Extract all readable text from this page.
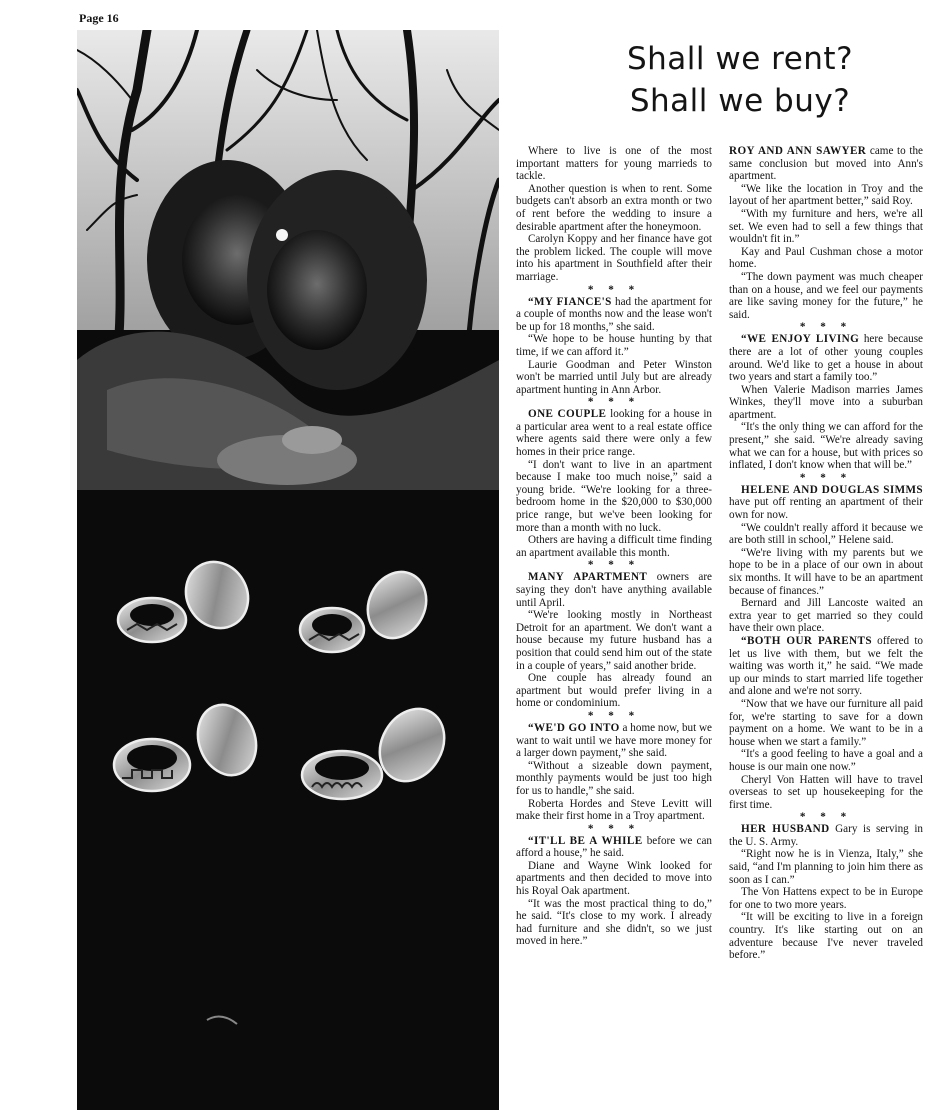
Page 16
Shall we rent?
Shall we buy?

Where to live is one of the most important matters for young marrieds to tackle.

Another question is when to rent. Some budgets can't absorb an extra month or two of rent before the wedding to insure a desirable apartment after the honeymoon.

Carolyn Koppy and her finance have got the problem licked. The couple will move into his apartment in Southfield after their marriage.

* * *

“MY FIANCE'S had the apartment for a couple of months now and the lease won't be up for 18 months,” she said.

“We hope to be house hunting by that time, if we can afford it.”

Laurie Goodman and Peter Winston won't be married until July but are already apartment hunting in Ann Arbor.

* * *

ONE COUPLE looking for a house in a particular area went to a real estate office where agents said there were only a few homes in their price range.

“I don't want to live in an apartment because I make too much noise,” said a young bride. “We're looking for a three-bedroom home in the $20,000 to $30,000 price range, but we've been looking for more than a month with no luck.

Others are having a difficult time finding an apartment available this month.

* * *

MANY APARTMENT owners are saying they don't have anything available until April.

“We're looking mostly in Northeast Detroit for an apartment. We don't want a house because my future husband has a position that could send him out of the state in a couple of years,” said another bride.

One couple has already found an apartment but would prefer living in a home or condominium.

* * *

“WE'D GO INTO a home now, but we want to wait until we have more money for a larger down payment,” she said.

“Without a sizeable down payment, monthly payments would be just too high for us to handle,” she said.

Roberta Hordes and Steve Levitt will make their first home in a Troy apartment.

* * *

“IT'LL BE A WHILE before we can afford a house,” he said.

Diane and Wayne Wink looked for apartments and then decided to move into his Royal Oak apartment.

“It was the most practical thing to do,” he said. “It's close to my work. I already had furniture and she didn't, so we just moved in here.”

ROY AND ANN SAWYER came to the same conclusion but moved into Ann's apartment.

“We like the location in Troy and the layout of her apartment better,” said Roy.

“With my furniture and hers, we're all set. We even had to sell a few things that wouldn't fit in.”

Kay and Paul Cushman chose a motor home.

“The down payment was much cheaper than on a house, and we feel our payments are like saving money for the future,” he said.

* * *

“WE ENJOY LIVING here because there are a lot of other young couples around. We'd like to get a house in about two years and start a family too.”

When Valerie Madison marries James Winkes, they'll move into a suburban apartment.

“It's the only thing we can afford for the present,” she said. “We're already saving what we can for a house, but with prices so inflated, I don't know when that will be.”

* * *

HELENE AND DOUGLAS SIMMS have put off renting an apartment of their own for now.

“We couldn't really afford it because we are both still in school,” Helene said.

“We're living with my parents but we hope to be in a place of our own in about six months. It will have to be an apartment because of finances.”

Bernard and Jill Lancoste waited an extra year to get married so they could have their own place.

“BOTH OUR PARENTS offered to let us live with them, but we felt the waiting was worth it,” he said. “We made up our minds to start married life together and alone and we're not sorry.

“Now that we have our furniture all paid for, we're starting to save for a down payment on a home. We want to be in a house when we start a family.”

“It's a good feeling to have a goal and a house is our main one now.”

Cheryl Von Hatten will have to travel overseas to set up housekeeping for the first time.

* * *

HER HUSBAND Gary is serving in the U. S. Army.

“Right now he is in Vienza, Italy,” she said, “and I'm planning to join him there as soon as I can.”

The Von Hattens expect to be in Europe for one to two more years.

“It will be exciting to live in a foreign country. It's like starting out on an adventure because I've never traveled before.”
